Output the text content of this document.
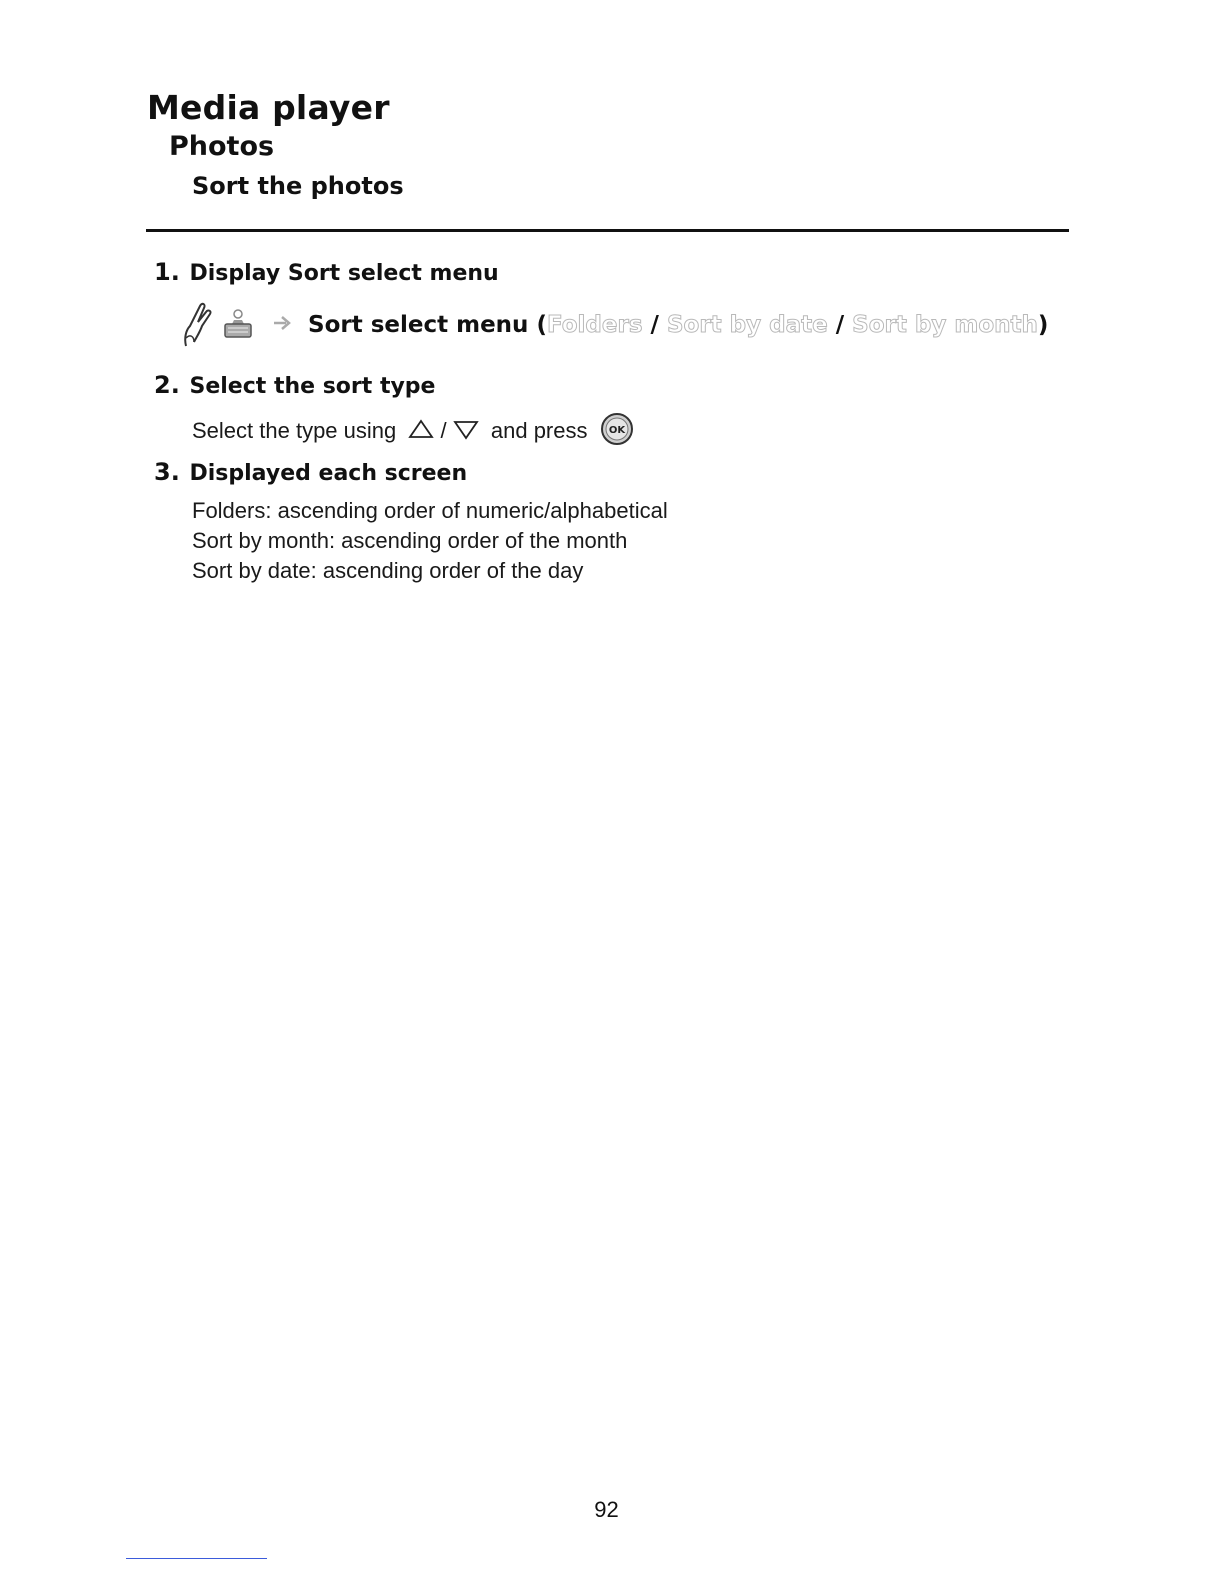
Media player
Photos
Sort the photos
1. Display Sort select menu
Sort select menu (Folders / Sort by date / Sort by month)
2. Select the sort type
Select the type using / and press OK
3. Displayed each screen
Folders: ascending order of numeric/alphabetical
Sort by month: ascending order of the month
Sort by date: ascending order of the day
92
